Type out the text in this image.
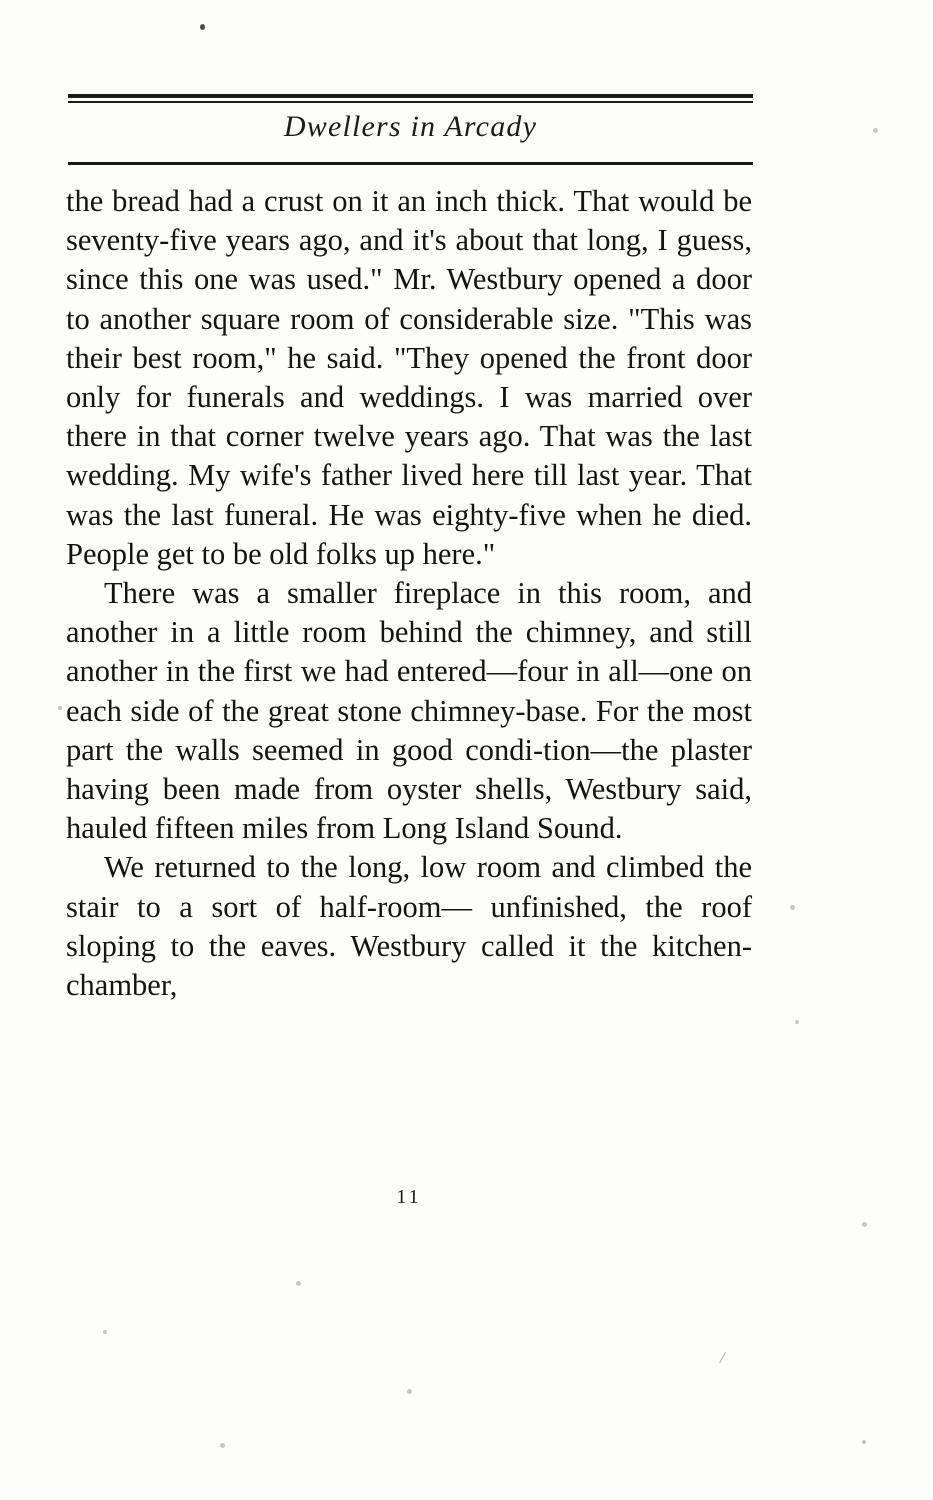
Dwellers in Arcady

the bread had a crust on it an inch thick. That would be seventy-five years ago, and it's about that long, I guess, since this one was used." Mr. Westbury opened a door to another square room of considerable size. "This was their best room," he said. "They opened the front door only for funerals and weddings. I was married over there in that corner twelve years ago. That was the last wedding. My wife's father lived here till last year. That was the last funeral. He was eighty-five when he died. People get to be old folks up here."

There was a smaller fireplace in this room, and another in a little room behind the chimney, and still another in the first we had entered—four in all—one on each side of the great stone chimney-base. For the most part the walls seemed in good condi-tion—the plaster having been made from oyster shells, Westbury said, hauled fifteen miles from Long Island Sound.

We returned to the long, low room and climbed the stair to a sort of half-room— unfinished, the roof sloping to the eaves. Westbury called it the kitchen-chamber,

11
/
